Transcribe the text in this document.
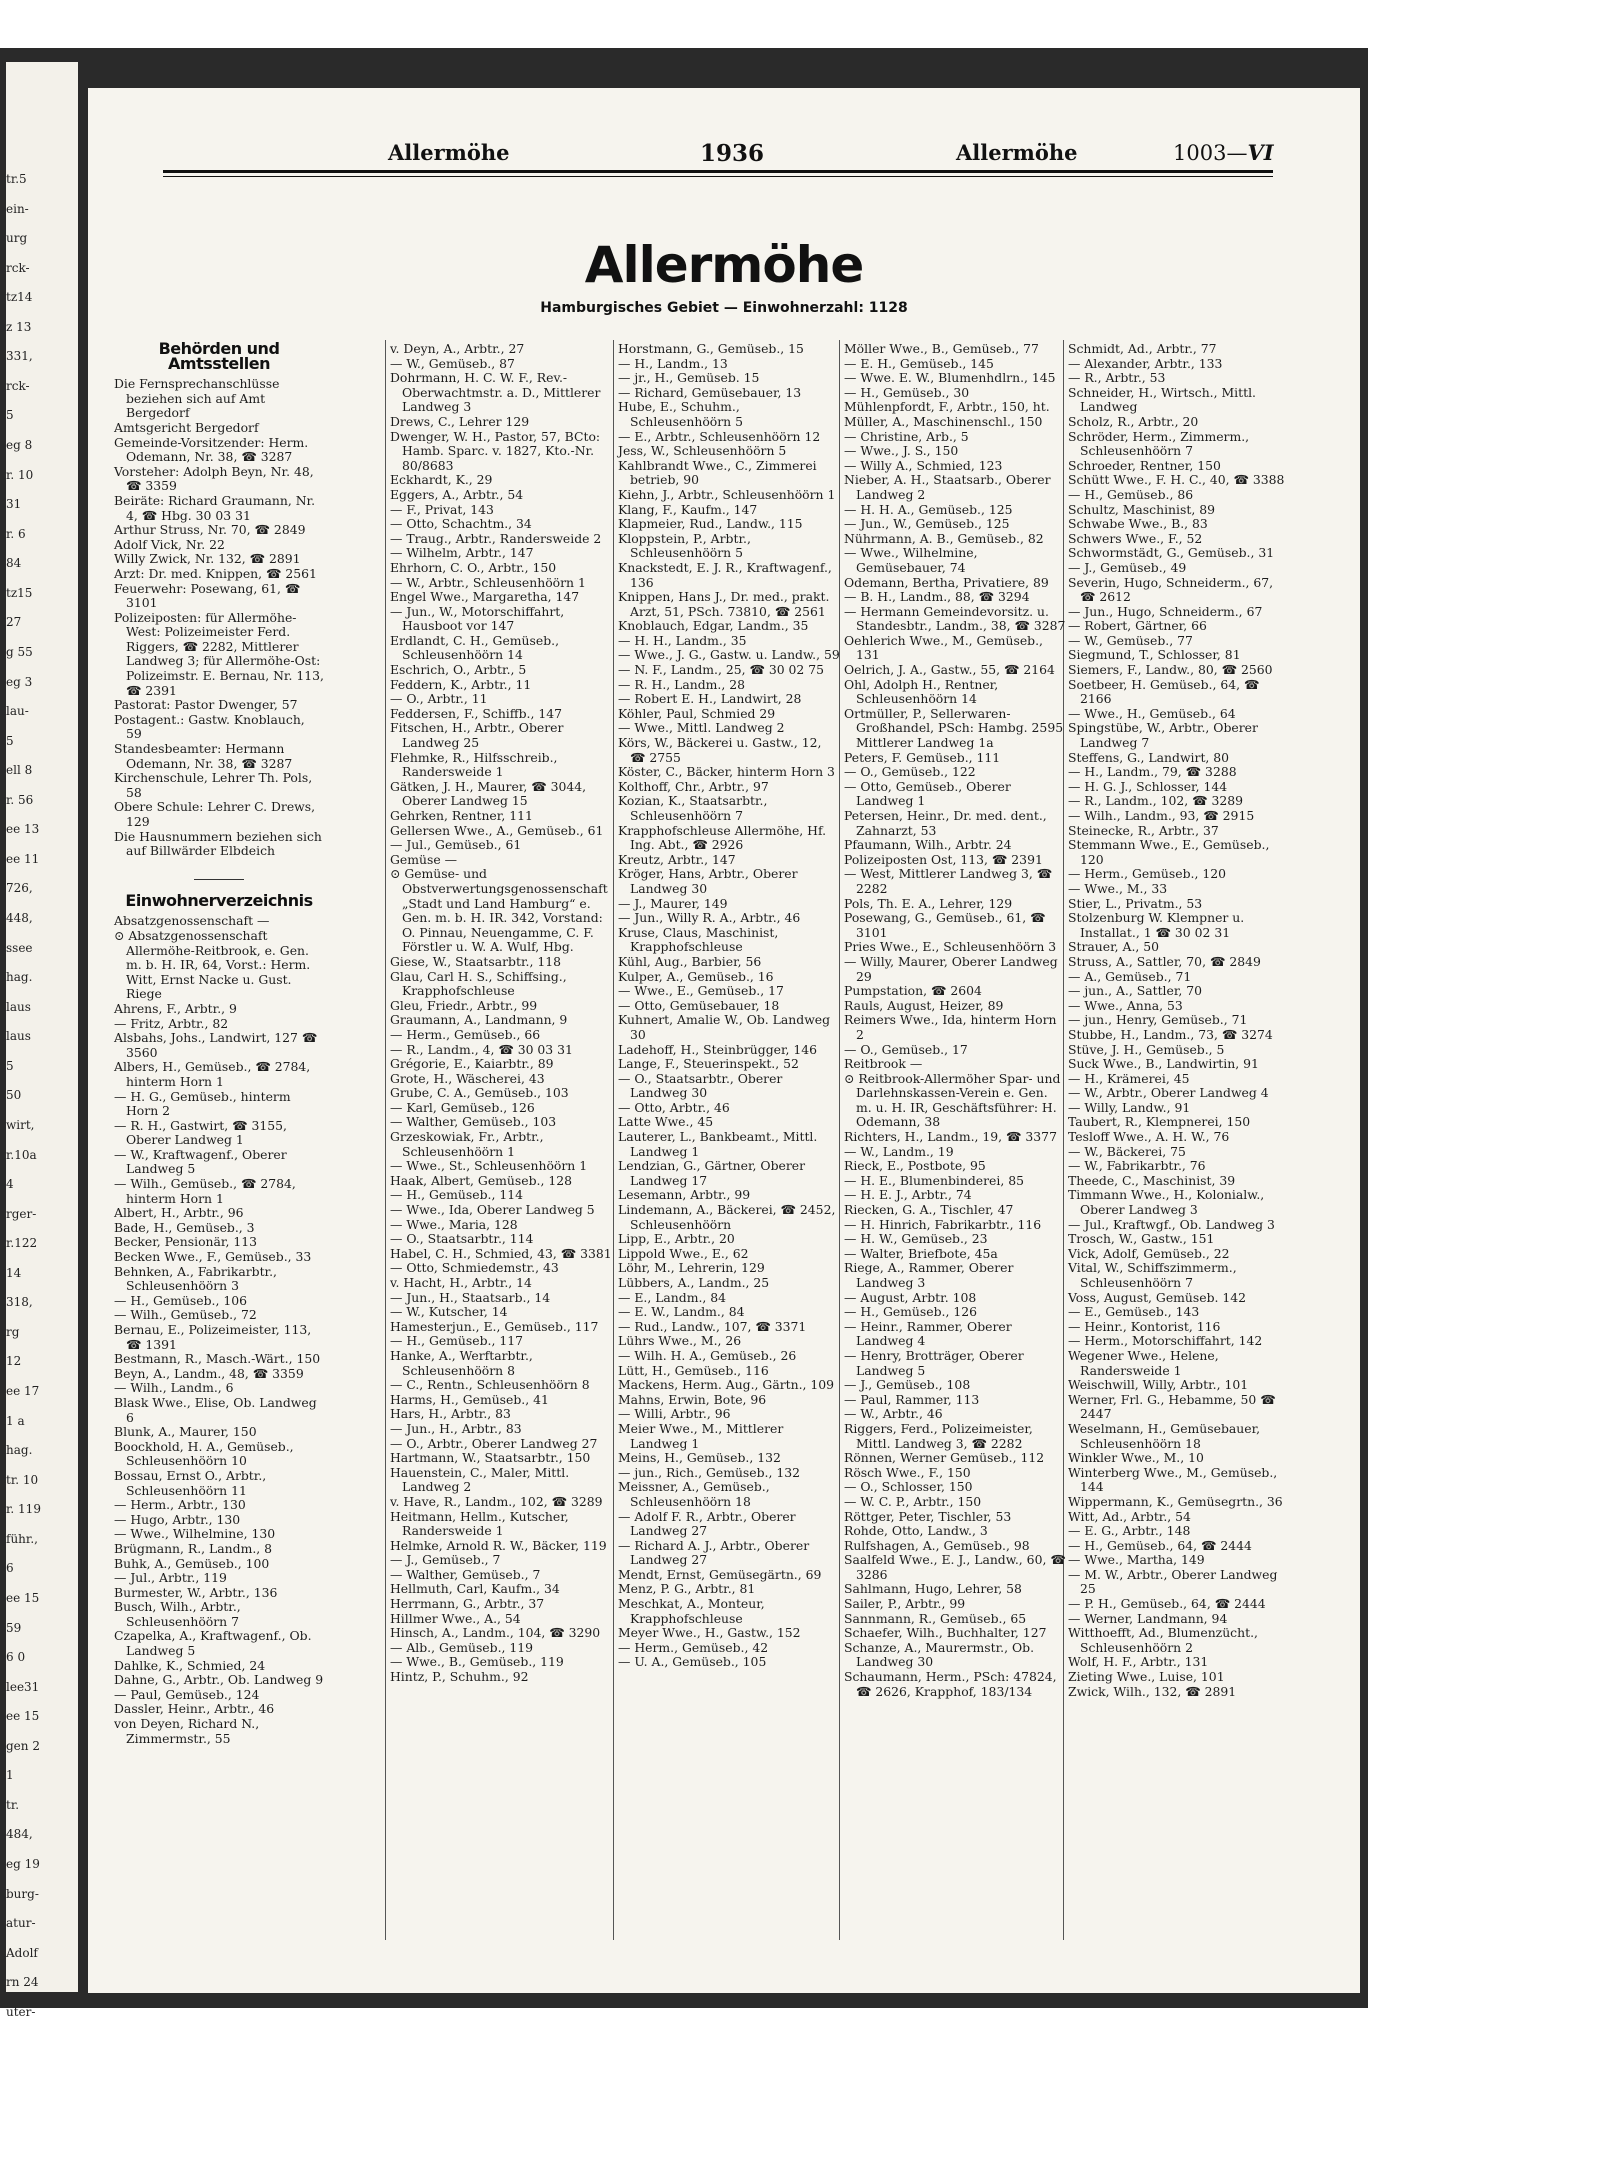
tr.5
ein-
urg
rck-
tz14
z 13
331,
rck-
5
eg 8
r. 10
31
r. 6
84
tz15
27
g 55
eg 3
lau-
5
ell 8
r. 56
ee 13
ee 11
726,
448,
ssee
hag.
laus
laus
5
50
wirt,
r.10a
4
rger-
r.122
14
318,
rg
12
ee 17
1 a
hag.
tr. 10
r. 119
führ.,
6
ee 15
59
6 0
lee31
ee 15
gen 2
1
tr.
484,
eg 19
burg-
atur-
Adolf
rn 24
uter-
Allermöhe	1936	Allermöhe	1003—VI
Allermöhe
Hamburgisches Gebiet — Einwohnerzahl: 1128
Behörden und Amtsstellen
Die Fernsprechanschlüsse beziehen sich auf Amt Bergedorf
Amtsgericht Bergedorf
Gemeinde-Vorsitzender: Herm. Odemann, Nr. 38, ☎ 3287
Vorsteher: Adolph Beyn, Nr. 48, ☎ 3359
Beiräte: Richard Graumann, Nr. 4, ☎ Hbg. 30 03 31
Arthur Struss, Nr. 70, ☎ 2849
Adolf Vick, Nr. 22
Willy Zwick, Nr. 132, ☎ 2891
Arzt: Dr. med. Knippen, ☎ 2561
Feuerwehr: Posewang, 61, ☎ 3101
Polizeiposten: für Allermöhe-West: Polizeimeister Ferd. Riggers, ☎ 2282, Mittlerer Landweg 3; für Allermöhe-Ost: Polizeimstr. E. Bernau, Nr. 113, ☎ 2391
Pastorat: Pastor Dwenger, 57
Postagent.: Gastw. Knoblauch, 59
Standesbeamter: Hermann Odemann, Nr. 38, ☎ 3287
Kirchenschule, Lehrer Th. Pols, 58
Obere Schule: Lehrer C. Drews, 129
Die Hausnummern beziehen sich auf Billwärder Elbdeich
Einwohnerverzeichnis
Absatzgenossenschaft —
⊙ Absatzgenossenschaft Allermöhe-Reitbrook, e. Gen. m. b. H. IR, 64, Vorst.: Herm. Witt, Ernst Nacke u. Gust. Riege
Ahrens, F., Arbtr., 9
— Fritz, Arbtr., 82
Alsbahs, Johs., Landwirt, 127 ☎ 3560
Albers, H., Gemüseb., ☎ 2784, hinterm Horn 1
— H. G., Gemüseb., hinterm Horn 2
— R. H., Gastwirt, ☎ 3155, Oberer Landweg 1
— W., Kraftwagenf., Oberer Landweg 5
— Wilh., Gemüseb., ☎ 2784, hinterm Horn 1
Albert, H., Arbtr., 96
Bade, H., Gemüseb., 3
Becker, Pensionär, 113
Becken Wwe., F., Gemüseb., 33
Behnken, A., Fabrikarbtr., Schleusenhöörn 3
— H., Gemüseb., 106
— Wilh., Gemüseb., 72
Bernau, E., Polizeimeister, 113, ☎ 1391
Bestmann, R., Masch.-Wärt., 150
Beyn, A., Landm., 48, ☎ 3359
— Wilh., Landm., 6
Blask Wwe., Elise, Ob. Landweg 6
Blunk, A., Maurer, 150
Boockhold, H. A., Gemüseb., Schleusenhöörn 10
Bossau, Ernst O., Arbtr., Schleusenhöörn 11
— Herm., Arbtr., 130
— Hugo, Arbtr., 130
— Wwe., Wilhelmine, 130
Brügmann, R., Landm., 8
Buhk, A., Gemüseb., 100
— Jul., Arbtr., 119
Burmester, W., Arbtr., 136
Busch, Wilh., Arbtr., Schleusenhöörn 7
Czapelka, A., Kraftwagenf., Ob. Landweg 5
Dahlke, K., Schmied, 24
Dahne, G., Arbtr., Ob. Landweg 9
— Paul, Gemüseb., 124
Dassler, Heinr., Arbtr., 46
von Deyen, Richard N., Zimmermstr., 55
v. Deyn, A., Arbtr., 27
— W., Gemüseb., 87
Dohrmann, H. C. W. F., Rev.-Oberwachtmstr. a. D., Mittlerer Landweg 3
Drews, C., Lehrer 129
Dwenger, W. H., Pastor, 57, BCto: Hamb. Sparc. v. 1827, Kto.-Nr. 80/8683
Eckhardt, K., 29
Eggers, A., Arbtr., 54
— F., Privat, 143
— Otto, Schachtm., 34
— Traug., Arbtr., Randersweide 2
— Wilhelm, Arbtr., 147
Ehrhorn, C. O., Arbtr., 150
— W., Arbtr., Schleusenhöörn 1
Engel Wwe., Margaretha, 147
— Jun., W., Motorschiffahrt, Hausboot vor 147
Erdlandt, C. H., Gemüseb., Schleusenhöörn 14
Eschrich, O., Arbtr., 5
Feddern, K., Arbtr., 11
— O., Arbtr., 11
Feddersen, F., Schiffb., 147
Fitschen, H., Arbtr., Oberer Landweg 25
Flehmke, R., Hilfsschreib., Randersweide 1
Gätken, J. H., Maurer, ☎ 3044, Oberer Landweg 15
Gehrken, Rentner, 111
Gellersen Wwe., A., Gemüseb., 61
— Jul., Gemüseb., 61
Gemüse —
⊙ Gemüse- und Obstverwertungsgenossenschaft „Stadt und Land Hamburg“ e. Gen. m. b. H. IR. 342, Vorstand: O. Pinnau, Neuengamme, C. F. Förstler u. W. A. Wulf, Hbg.
Giese, W., Staatsarbtr., 118
Glau, Carl H. S., Schiffsing., Krapphofschleuse
Gleu, Friedr., Arbtr., 99
Graumann, A., Landmann, 9
— Herm., Gemüseb., 66
— R., Landm., 4, ☎ 30 03 31
Grégorie, E., Kaiarbtr., 89
Grote, H., Wäscherei, 43
Grube, C. A., Gemüseb., 103
— Karl, Gemüseb., 126
— Walther, Gemüseb., 103
Grzeskowiak, Fr., Arbtr., Schleusenhöörn 1
— Wwe., St., Schleusenhöörn 1
Haak, Albert, Gemüseb., 128
— H., Gemüseb., 114
— Wwe., Ida, Oberer Landweg 5
— Wwe., Maria, 128
— O., Staatsarbtr., 114
Habel, C. H., Schmied, 43, ☎ 3381
— Otto, Schmiedemstr., 43
v. Hacht, H., Arbtr., 14
— Jun., H., Staatsarb., 14
— W., Kutscher, 14
Hamesterjun., E., Gemüseb., 117
— H., Gemüseb., 117
Hanke, A., Werftarbtr., Schleusenhöörn 8
— C., Rentn., Schleusenhöörn 8
Harms, H., Gemüseb., 41
Hars, H., Arbtr., 83
— Jun., H., Arbtr., 83
— O., Arbtr., Oberer Landweg 27
Hartmann, W., Staatsarbtr., 150
Hauenstein, C., Maler, Mittl. Landweg 2
v. Have, R., Landm., 102, ☎ 3289
Heitmann, Hellm., Kutscher, Randersweide 1
Helmke, Arnold R. W., Bäcker, 119
— J., Gemüseb., 7
— Walther, Gemüseb., 7
Hellmuth, Carl, Kaufm., 34
Herrmann, G., Arbtr., 37
Hillmer Wwe., A., 54
Hinsch, A., Landm., 104, ☎ 3290
— Alb., Gemüseb., 119
— Wwe., B., Gemüseb., 119
Hintz, P., Schuhm., 92
Horstmann, G., Gemüseb., 15
— H., Landm., 13
— jr., H., Gemüseb. 15
— Richard, Gemüsebauer, 13
Hube, E., Schuhm., Schleusenhöörn 5
— E., Arbtr., Schleusenhöörn 12
Jess, W., Schleusenhöörn 5
Kahlbrandt Wwe., C., Zimmerei betrieb, 90
Kiehn, J., Arbtr., Schleusenhöörn 1
Klang, F., Kaufm., 147
Klapmeier, Rud., Landw., 115
Kloppstein, P., Arbtr., Schleusenhöörn 5
Knackstedt, E. J. R., Kraftwagenf., 136
Knippen, Hans J., Dr. med., prakt. Arzt, 51, PSch. 73810, ☎ 2561
Knoblauch, Edgar, Landm., 35
— H. H., Landm., 35
— Wwe., J. G., Gastw. u. Landw., 59
— N. F., Landm., 25, ☎ 30 02 75
— R. H., Landm., 28
— Robert E. H., Landwirt, 28
Köhler, Paul, Schmied 29
— Wwe., Mittl. Landweg 2
Körs, W., Bäckerei u. Gastw., 12, ☎ 2755
Köster, C., Bäcker, hinterm Horn 3
Kolthoff, Chr., Arbtr., 97
Kozian, K., Staatsarbtr., Schleusenhöörn 7
Krapphofschleuse Allermöhe, Hf. Ing. Abt., ☎ 2926
Kreutz, Arbtr., 147
Kröger, Hans, Arbtr., Oberer Landweg 30
— J., Maurer, 149
— Jun., Willy R. A., Arbtr., 46
Kruse, Claus, Maschinist, Krapphofschleuse
Kühl, Aug., Barbier, 56
Kulper, A., Gemüseb., 16
— Wwe., E., Gemüseb., 17
— Otto, Gemüsebauer, 18
Kuhnert, Amalie W., Ob. Landweg 30
Ladehoff, H., Steinbrügger, 146
Lange, F., Steuerinspekt., 52
— O., Staatsarbtr., Oberer Landweg 30
— Otto, Arbtr., 46
Latte Wwe., 45
Lauterer, L., Bankbeamt., Mittl. Landweg 1
Lendzian, G., Gärtner, Oberer Landweg 17
Lesemann, Arbtr., 99
Lindemann, A., Bäckerei, ☎ 2452, Schleusenhöörn
Lipp, E., Arbtr., 20
Lippold Wwe., E., 62
Löhr, M., Lehrerin, 129
Lübbers, A., Landm., 25
— E., Landm., 84
— E. W., Landm., 84
— Rud., Landw., 107, ☎ 3371
Lührs Wwe., M., 26
— Wilh. H. A., Gemüseb., 26
Lütt, H., Gemüseb., 116
Mackens, Herm. Aug., Gärtn., 109
Mahns, Erwin, Bote, 96
— Willi, Arbtr., 96
Meier Wwe., M., Mittlerer Landweg 1
Meins, H., Gemüseb., 132
— jun., Rich., Gemüseb., 132
Meissner, A., Gemüseb., Schleusenhöörn 18
— Adolf F. R., Arbtr., Oberer Landweg 27
— Richard A. J., Arbtr., Oberer Landweg 27
Mendt, Ernst, Gemüsegärtn., 69
Menz, P. G., Arbtr., 81
Meschkat, A., Monteur, Krapphofschleuse
Meyer Wwe., H., Gastw., 152
— Herm., Gemüseb., 42
— U. A., Gemüseb., 105
Möller Wwe., B., Gemüseb., 77
— E. H., Gemüseb., 145
— Wwe. E. W., Blumenhdlrn., 145
— H., Gemüseb., 30
Mühlenpfordt, F., Arbtr., 150, ht.
Müller, A., Maschinenschl., 150
— Christine, Arb., 5
— Wwe., J. S., 150
— Willy A., Schmied, 123
Nieber, A. H., Staatsarb., Oberer Landweg 2
— H. H. A., Gemüseb., 125
— Jun., W., Gemüseb., 125
Nührmann, A. B., Gemüseb., 82
— Wwe., Wilhelmine, Gemüsebauer, 74
Odemann, Bertha, Privatiere, 89
— B. H., Landm., 88, ☎ 3294
— Hermann Gemeindevorsitz. u. Standesbtr., Landm., 38, ☎ 3287
Oehlerich Wwe., M., Gemüseb., 131
Oelrich, J. A., Gastw., 55, ☎ 2164
Ohl, Adolph H., Rentner, Schleusenhöörn 14
Ortmüller, P., Sellerwaren-Großhandel, PSch: Hambg. 2595 Mittlerer Landweg 1a
Peters, F. Gemüseb., 111
— O., Gemüseb., 122
— Otto, Gemüseb., Oberer Landweg 1
Petersen, Heinr., Dr. med. dent., Zahnarzt, 53
Pfaumann, Wilh., Arbtr. 24
Polizeiposten Ost, 113, ☎ 2391
— West, Mittlerer Landweg 3, ☎ 2282
Pols, Th. E. A., Lehrer, 129
Posewang, G., Gemüseb., 61, ☎ 3101
Pries Wwe., E., Schleusenhöörn 3
— Willy, Maurer, Oberer Landweg 29
Pumpstation, ☎ 2604
Rauls, August, Heizer, 89
Reimers Wwe., Ida, hinterm Horn 2
— O., Gemüseb., 17
Reitbrook —
⊙ Reitbrook-Allermöher Spar- und Darlehnskassen-Verein e. Gen. m. u. H. IR, Geschäftsführer: H. Odemann, 38
Richters, H., Landm., 19, ☎ 3377
— W., Landm., 19
Rieck, E., Postbote, 95
— H. E., Blumenbinderei, 85
— H. E. J., Arbtr., 74
Riecken, G. A., Tischler, 47
— H. Hinrich, Fabrikarbtr., 116
— H. W., Gemüseb., 23
— Walter, Briefbote, 45a
Riege, A., Rammer, Oberer Landweg 3
— August, Arbtr. 108
— H., Gemüseb., 126
— Heinr., Rammer, Oberer Landweg 4
— Henry, Brotträger, Oberer Landweg 5
— J., Gemüseb., 108
— Paul, Rammer, 113
— W., Arbtr., 46
Riggers, Ferd., Polizeimeister, Mittl. Landweg 3, ☎ 2282
Rönnen, Werner Gemüseb., 112
Rösch Wwe., F., 150
— O., Schlosser, 150
— W. C. P., Arbtr., 150
Röttger, Peter, Tischler, 53
Rohde, Otto, Landw., 3
Rulfshagen, A., Gemüseb., 98
Saalfeld Wwe., E. J., Landw., 60, ☎ 3286
Sahlmann, Hugo, Lehrer, 58
Sailer, P., Arbtr., 99
Sannmann, R., Gemüseb., 65
Schaefer, Wilh., Buchhalter, 127
Schanze, A., Maurermstr., Ob. Landweg 30
Schaumann, Herm., PSch: 47824, ☎ 2626, Krapphof, 183/134
Schmidt, Ad., Arbtr., 77
— Alexander, Arbtr., 133
— R., Arbtr., 53
Schneider, H., Wirtsch., Mittl. Landweg
Scholz, R., Arbtr., 20
Schröder, Herm., Zimmerm., Schleusenhöörn 7
Schroeder, Rentner, 150
Schütt Wwe., F. H. C., 40, ☎ 3388
— H., Gemüseb., 86
Schultz, Maschinist, 89
Schwabe Wwe., B., 83
Schwers Wwe., F., 52
Schwormstädt, G., Gemüseb., 31
— J., Gemüseb., 49
Severin, Hugo, Schneiderm., 67, ☎ 2612
— Jun., Hugo, Schneiderm., 67
— Robert, Gärtner, 66
— W., Gemüseb., 77
Siegmund, T., Schlosser, 81
Siemers, F., Landw., 80, ☎ 2560
Soetbeer, H. Gemüseb., 64, ☎ 2166
— Wwe., H., Gemüseb., 64
Spingstübe, W., Arbtr., Oberer Landweg 7
Steffens, G., Landwirt, 80
— H., Landm., 79, ☎ 3288
— H. G. J., Schlosser, 144
— R., Landm., 102, ☎ 3289
— Wilh., Landm., 93, ☎ 2915
Steinecke, R., Arbtr., 37
Stemmann Wwe., E., Gemüseb., 120
— Herm., Gemüseb., 120
— Wwe., M., 33
Stier, L., Privatm., 53
Stolzenburg W. Klempner u. Installat., 1 ☎ 30 02 31
Strauer, A., 50
Struss, A., Sattler, 70, ☎ 2849
— A., Gemüseb., 71
— jun., A., Sattler, 70
— Wwe., Anna, 53
— jun., Henry, Gemüseb., 71
Stubbe, H., Landm., 73, ☎ 3274
Stüve, J. H., Gemüseb., 5
Suck Wwe., B., Landwirtin, 91
— H., Krämerei, 45
— W., Arbtr., Oberer Landweg 4
— Willy, Landw., 91
Taubert, R., Klempnerei, 150
Tesloff Wwe., A. H. W., 76
— W., Bäckerei, 75
— W., Fabrikarbtr., 76
Theede, C., Maschinist, 39
Timmann Wwe., H., Kolonialw., Oberer Landweg 3
— Jul., Kraftwgf., Ob. Landweg 3
Trosch, W., Gastw., 151
Vick, Adolf, Gemüseb., 22
Vital, W., Schiffszimmerm., Schleusenhöörn 7
Voss, August, Gemüseb. 142
— E., Gemüseb., 143
— Heinr., Kontorist, 116
— Herm., Motorschiffahrt, 142
Wegener Wwe., Helene, Randersweide 1
Weischwill, Willy, Arbtr., 101
Werner, Frl. G., Hebamme, 50 ☎ 2447
Weselmann, H., Gemüsebauer, Schleusenhöörn 18
Winkler Wwe., M., 10
Winterberg Wwe., M., Gemüseb., 144
Wippermann, K., Gemüsegrtn., 36
Witt, Ad., Arbtr., 54
— E. G., Arbtr., 148
— H., Gemüseb., 64, ☎ 2444
— Wwe., Martha, 149
— M. W., Arbtr., Oberer Landweg 25
— P. H., Gemüseb., 64, ☎ 2444
— Werner, Landmann, 94
Witthoefft, Ad., Blumenzücht., Schleusenhöörn 2
Wolf, H. F., Arbtr., 131
Zieting Wwe., Luise, 101
Zwick, Wilh., 132, ☎ 2891
